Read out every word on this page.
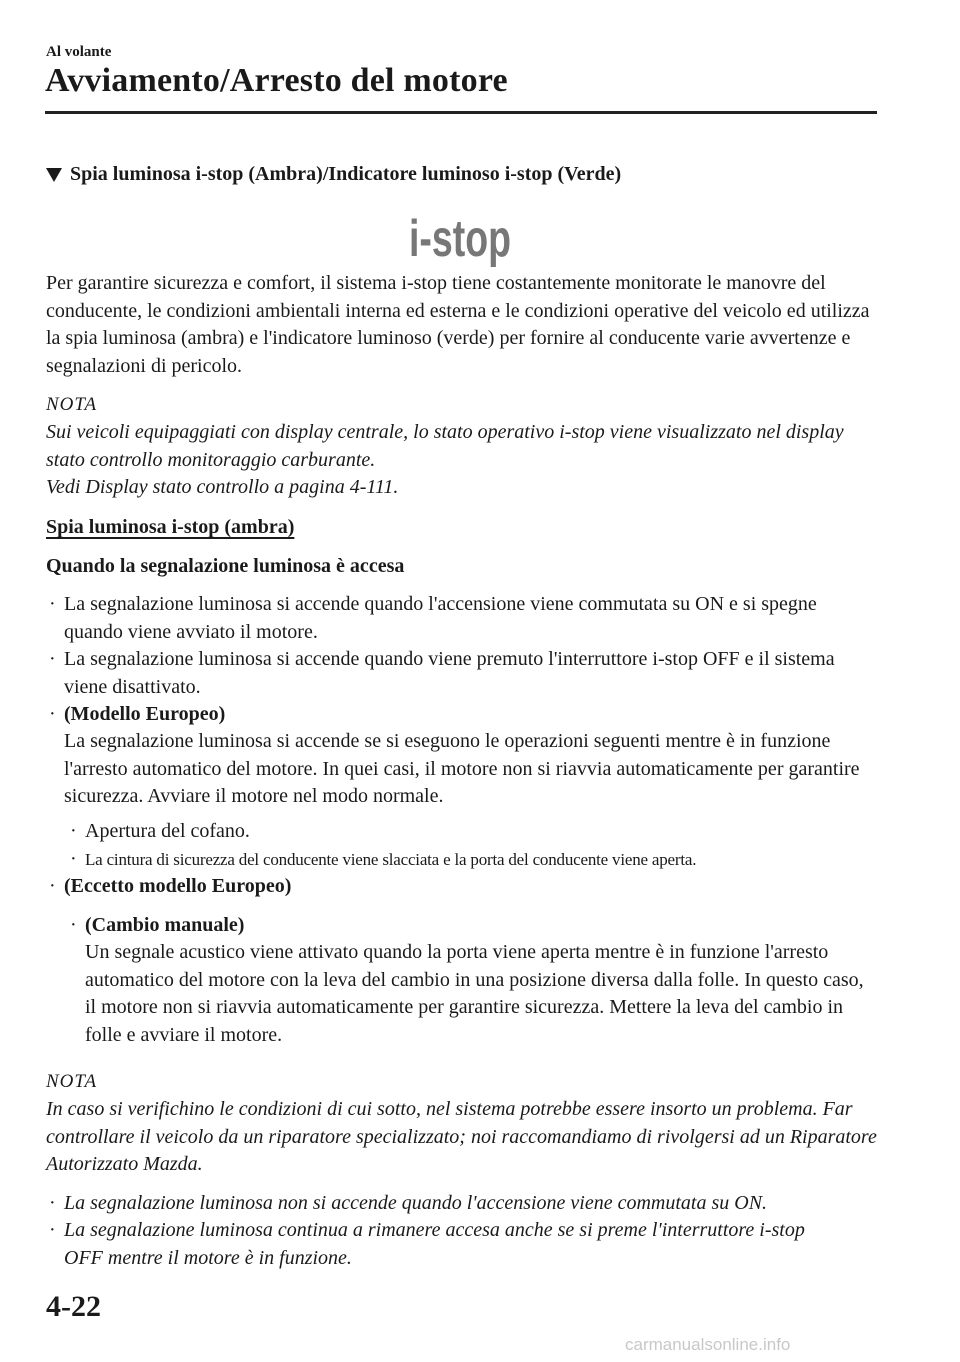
Al volante
Avviamento/Arresto del motore
Spia luminosa i-stop (Ambra)/Indicatore luminoso i-stop (Verde)
i-stop
Per garantire sicurezza e comfort, il sistema i-stop tiene costantemente monitorate le manovre del conducente, le condizioni ambientali interna ed esterna e le condizioni operative del veicolo ed utilizza la spia luminosa (ambra) e l'indicatore luminoso (verde) per fornire al conducente varie avvertenze e segnalazioni di pericolo.
NOTA
Sui veicoli equipaggiati con display centrale, lo stato operativo i-stop viene visualizzato nel display stato controllo monitoraggio carburante.
Vedi Display stato controllo a pagina 4-111.
Spia luminosa i-stop (ambra)
Quando la segnalazione luminosa è accesa
· La segnalazione luminosa si accende quando l'accensione viene commutata su ON e si spegne quando viene avviato il motore.
· La segnalazione luminosa si accende quando viene premuto l'interruttore i-stop OFF e il sistema viene disattivato.
· (Modello Europeo)
La segnalazione luminosa si accende se si eseguono le operazioni seguenti mentre è in funzione l'arresto automatico del motore. In quei casi, il motore non si riavvia automaticamente per garantire sicurezza. Avviare il motore nel modo normale.
· Apertura del cofano.
· La cintura di sicurezza del conducente viene slacciata e la porta del conducente viene aperta.
· (Eccetto modello Europeo)
· (Cambio manuale)
Un segnale acustico viene attivato quando la porta viene aperta mentre è in funzione l'arresto automatico del motore con la leva del cambio in una posizione diversa dalla folle. In questo caso, il motore non si riavvia automaticamente per garantire sicurezza. Mettere la leva del cambio in folle e avviare il motore.
NOTA
In caso si verifichino le condizioni di cui sotto, nel sistema potrebbe essere insorto un problema. Far controllare il veicolo da un riparatore specializzato; noi raccomandiamo di rivolgersi ad un Riparatore Autorizzato Mazda.
· La segnalazione luminosa non si accende quando l'accensione viene commutata su ON.
· La segnalazione luminosa continua a rimanere accesa anche se si preme l'interruttore i-stop OFF mentre il motore è in funzione.
4-22
carmanualsonline.info
